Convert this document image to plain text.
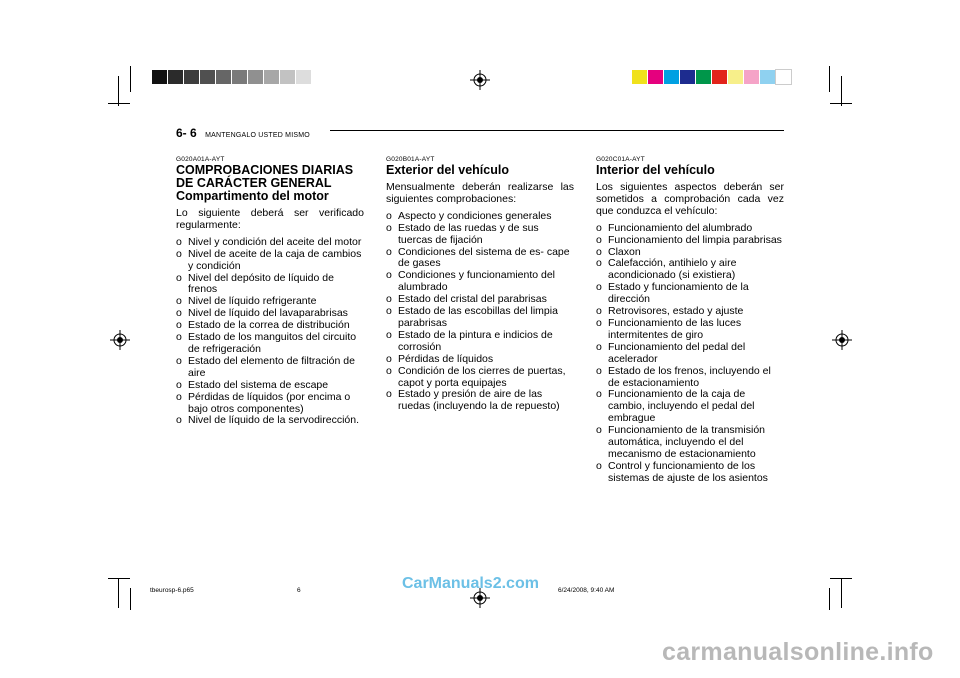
6- 6 MANTENGALO USTED MISMO
G020A01A-AYT
COMPROBACIONES DIARIAS
DE CARÁCTER GENERAL
Compartimento del motor
Lo siguiente deberá ser verificado regularmente:
o Nivel y condición del aceite del motor
o Nivel de aceite de la caja de cambios y condición
o Nivel del depósito de líquido de frenos
o Nivel de líquido refrigerante
o Nivel de líquido del lavaparabrisas
o Estado de la correa de distribución
o Estado de los manguitos del circuito de refrigeración
o Estado del elemento de filtración de aire
o Estado del sistema de escape
o Pérdidas de líquidos (por encima o bajo otros componentes)
o Nivel de líquido de la servodirección.
G020B01A-AYT
Exterior del vehículo
Mensualmente deberán realizarse las siguientes comprobaciones:
o Aspecto y condiciones generales
o Estado de las ruedas y de sus tuercas de fijación
o Condiciones del sistema de es- cape de gases
o Condiciones y funcionamiento del alumbrado
o Estado del cristal del parabrisas
o Estado de las escobillas del limpia parabrisas
o Estado de la pintura e indicios de corrosión
o Pérdidas de líquidos
o Condición de los cierres de puertas, capot y porta equipajes
o Estado y presión de aire de las ruedas (incluyendo la de repuesto)
G020C01A-AYT
Interior del vehículo
Los siguientes aspectos deberán ser sometidos a comprobación cada vez que conduzca el vehículo:
o Funcionamiento del alumbrado
o Funcionamiento del limpia parabrisas
o Claxon
o Calefacción, antihielo y aire acondicionado (si existiera)
o Estado y funcionamiento de la dirección
o Retrovisores, estado y ajuste
o Funcionamiento de las luces intermitentes de giro
o Funcionamiento del pedal del acelerador
o Estado de los frenos, incluyendo el de estacionamiento
o Funcionamiento de la caja de cambio, incluyendo el pedal del embrague
o Funcionamiento de la transmisión automática, incluyendo el del mecanismo de estacionamiento
o Control y funcionamiento de los sistemas de ajuste de los asientos
tbeurosp-6.p65	6	6/24/2008, 9:40 AM
CarManuals2.com
carmanualsonline.info
